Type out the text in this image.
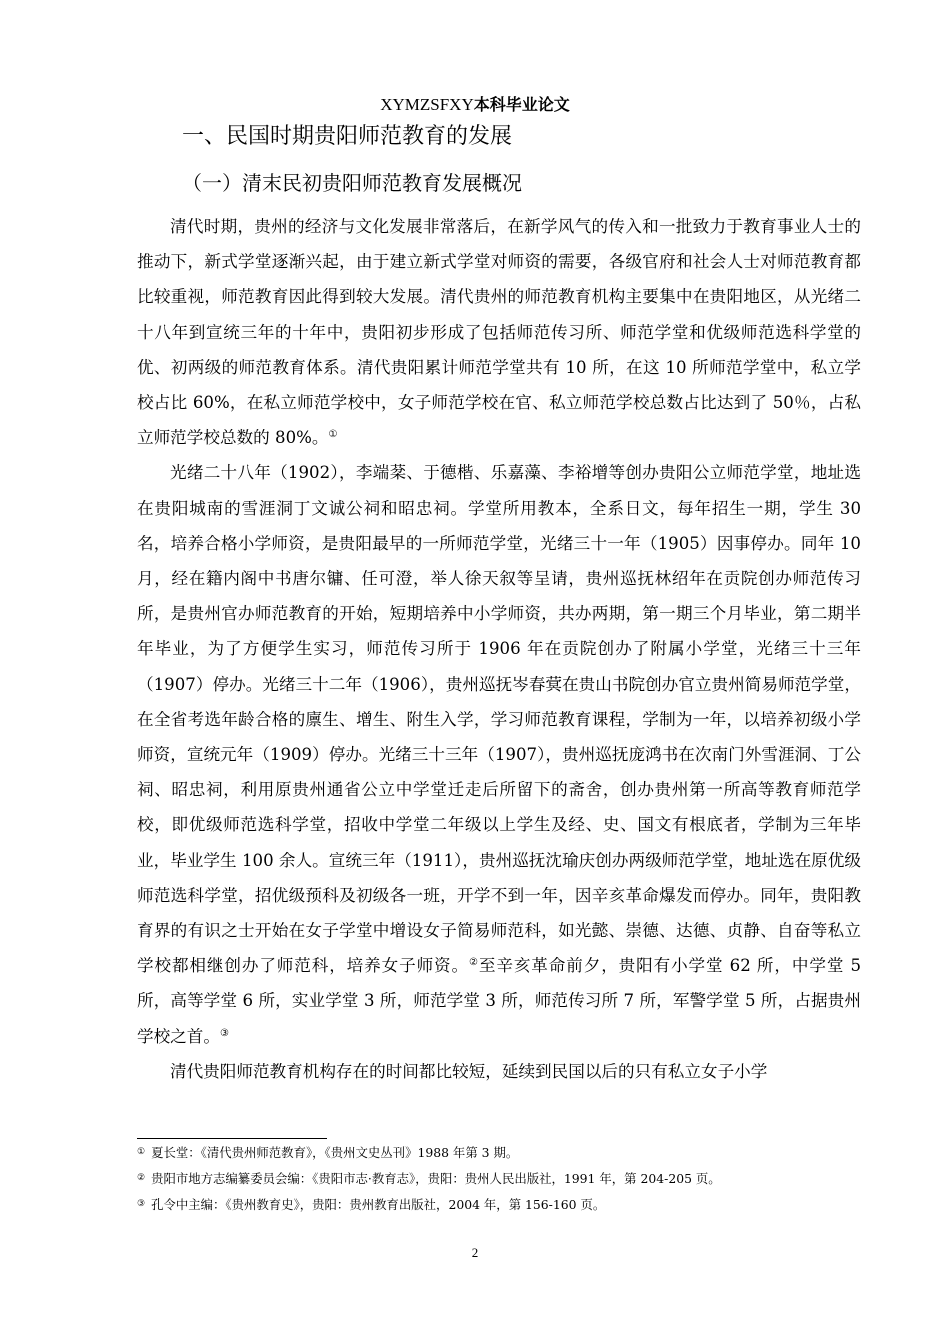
XYMZSFXY本科毕业论文
一、民国时期贵阳师范教育的发展
（一）清末民初贵阳师范教育发展概况

清代时期，贵州的经济与文化发展非常落后，在新学风气的传入和一批致力于教育事业人士的推动下，新式学堂逐渐兴起，由于建立新式学堂对师资的需要，各级官府和社会人士对师范教育都比较重视，师范教育因此得到较大发展。清代贵州的师范教育机构主要集中在贵阳地区，从光绪二十八年到宣统三年的十年中，贵阳初步形成了包括师范传习所、师范学堂和优级师范选科学堂的优、初两级的师范教育体系。清代贵阳累计师范学堂共有 10 所，在这 10 所师范学堂中，私立学校占比 60%，在私立师范学校中，女子师范学校在官、私立师范学校总数占比达到了 50％，占私立师范学校总数的 80%。①

光绪二十八年（1902），李端棻、于德楷、乐嘉藻、李裕增等创办贵阳公立师范学堂，地址选在贵阳城南的雪涯洞丁文诚公祠和昭忠祠。学堂所用教本，全系日文，每年招生一期，学生 30 名，培养合格小学师资，是贵阳最早的一所师范学堂，光绪三十一年（1905）因事停办。同年 10 月，经在籍内阁中书唐尔镛、任可澄，举人徐天叙等呈请，贵州巡抚林绍年在贡院创办师范传习所，是贵州官办师范教育的开始，短期培养中小学师资，共办两期，第一期三个月毕业，第二期半年毕业，为了方便学生实习，师范传习所于 1906 年在贡院创办了附属小学堂，光绪三十三年（1907）停办。光绪三十二年（1906），贵州巡抚岑春蓂在贵山书院创办官立贵州简易师范学堂，在全省考选年龄合格的廪生、增生、附生入学，学习师范教育课程，学制为一年，以培养初级小学师资，宣统元年（1909）停办。光绪三十三年（1907），贵州巡抚庞鸿书在次南门外雪涯洞、丁公祠、昭忠祠，利用原贵州通省公立中学堂迁走后所留下的斋舍，创办贵州第一所高等教育师范学校，即优级师范选科学堂，招收中学堂二年级以上学生及经、史、国文有根底者，学制为三年毕业，毕业学生 100 余人。宣统三年（1911），贵州巡抚沈瑜庆创办两级师范学堂，地址选在原优级师范选科学堂，招优级预科及初级各一班，开学不到一年，因辛亥革命爆发而停办。同年，贵阳教育界的有识之士开始在女子学堂中增设女子简易师范科，如光懿、崇德、达德、贞静、自奋等私立学校都相继创办了师范科，培养女子师资。②至辛亥革命前夕，贵阳有小学堂 62 所，中学堂 5 所，高等学堂 6 所，实业学堂 3 所，师范学堂 3 所，师范传习所 7 所，军警学堂 5 所，占据贵州学校之首。③

清代贵阳师范教育机构存在的时间都比较短，延续到民国以后的只有私立女子小学

① 夏长堂：《清代贵州师范教育》，《贵州文史丛刊》1988 年第 3 期。

② 贵阳市地方志编纂委员会编：《贵阳市志·教育志》，贵阳：贵州人民出版社，1991 年，第 204-205 页。

③ 孔令中主编：《贵州教育史》，贵阳：贵州教育出版社，2004 年，第 156-160 页。

2
